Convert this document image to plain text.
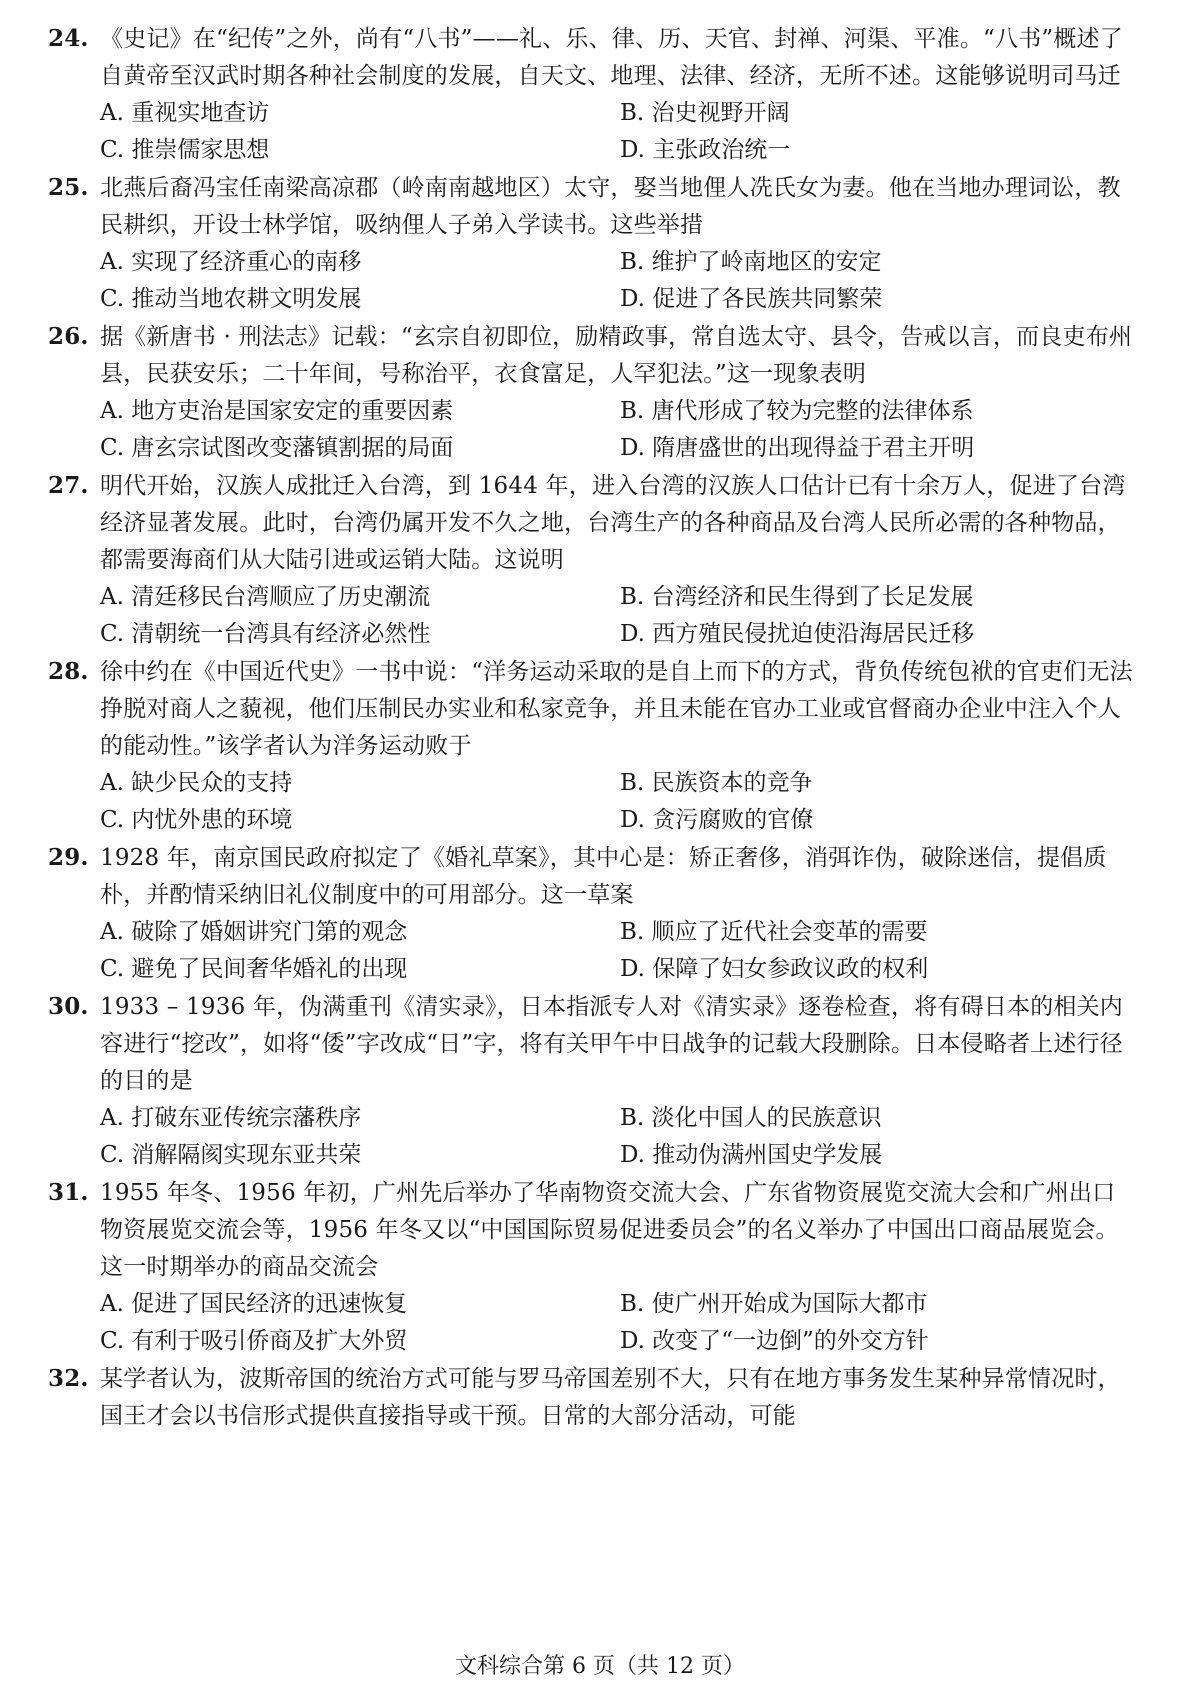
24. 《史记》在“纪传”之外，尚有“八书”——礼、乐、律、历、天官、封禅、河渠、平准。“八书”概述了自黄帝至汉武时期各种社会制度的发展，自天文、地理、法律、经济，无所不述。这能够说明司马迁

A. 重视实地查访	B. 治史视野开阔
C. 推崇儒家思想	D. 主张政治统一

25. 北燕后裔冯宝任南梁高凉郡（岭南南越地区）太守，娶当地俚人冼氏女为妻。他在当地办理词讼，教民耕织，开设士林学馆，吸纳俚人子弟入学读书。这些举措

A. 实现了经济重心的南移	B. 维护了岭南地区的安定
C. 推动当地农耕文明发展	D. 促进了各民族共同繁荣

26. 据《新唐书 · 刑法志》记载：“玄宗自初即位，励精政事，常自选太守、县令，告戒以言，而良吏布州县，民获安乐；二十年间，号称治平，衣食富足，人罕犯法。”这一现象表明

A. 地方吏治是国家安定的重要因素	B. 唐代形成了较为完整的法律体系
C. 唐玄宗试图改变藩镇割据的局面	D. 隋唐盛世的出现得益于君主开明

27. 明代开始，汉族人成批迁入台湾，到 1644 年，进入台湾的汉族人口估计已有十余万人，促进了台湾经济显著发展。此时，台湾仍属开发不久之地，台湾生产的各种商品及台湾人民所必需的各种物品，都需要海商们从大陆引进或运销大陆。这说明

A. 清廷移民台湾顺应了历史潮流	B. 台湾经济和民生得到了长足发展
C. 清朝统一台湾具有经济必然性	D. 西方殖民侵扰迫使沿海居民迁移

28. 徐中约在《中国近代史》一书中说：“洋务运动采取的是自上而下的方式，背负传统包袱的官吏们无法挣脱对商人之藐视，他们压制民办实业和私家竞争，并且未能在官办工业或官督商办企业中注入个人的能动性。”该学者认为洋务运动败于

A. 缺少民众的支持	B. 民族资本的竞争
C. 内忧外患的环境	D. 贪污腐败的官僚

29. 1928 年，南京国民政府拟定了《婚礼草案》，其中心是：矫正奢侈，消弭诈伪，破除迷信，提倡质朴，并酌情采纳旧礼仪制度中的可用部分。这一草案

A. 破除了婚姻讲究门第的观念	B. 顺应了近代社会变革的需要
C. 避免了民间奢华婚礼的出现	D. 保障了妇女参政议政的权利

30. 1933 – 1936 年，伪满重刊《清实录》，日本指派专人对《清实录》逐卷检查，将有碍日本的相关内容进行“挖改”，如将“倭”字改成“日”字，将有关甲午中日战争的记载大段删除。日本侵略者上述行径的目的是

A. 打破东亚传统宗藩秩序	B. 淡化中国人的民族意识
C. 消解隔阂实现东亚共荣	D. 推动伪满州国史学发展

31. 1955 年冬、1956 年初，广州先后举办了华南物资交流大会、广东省物资展览交流大会和广州出口物资展览交流会等，1956 年冬又以“中国国际贸易促进委员会”的名义举办了中国出口商品展览会。这一时期举办的商品交流会

A. 促进了国民经济的迅速恢复	B. 使广州开始成为国际大都市
C. 有利于吸引侨商及扩大外贸	D. 改变了“一边倒”的外交方针

32. 某学者认为，波斯帝国的统治方式可能与罗马帝国差别不大，只有在地方事务发生某种异常情况时，国王才会以书信形式提供直接指导或干预。日常的大部分活动，可能

文科综合第 6 页（共 12 页）
